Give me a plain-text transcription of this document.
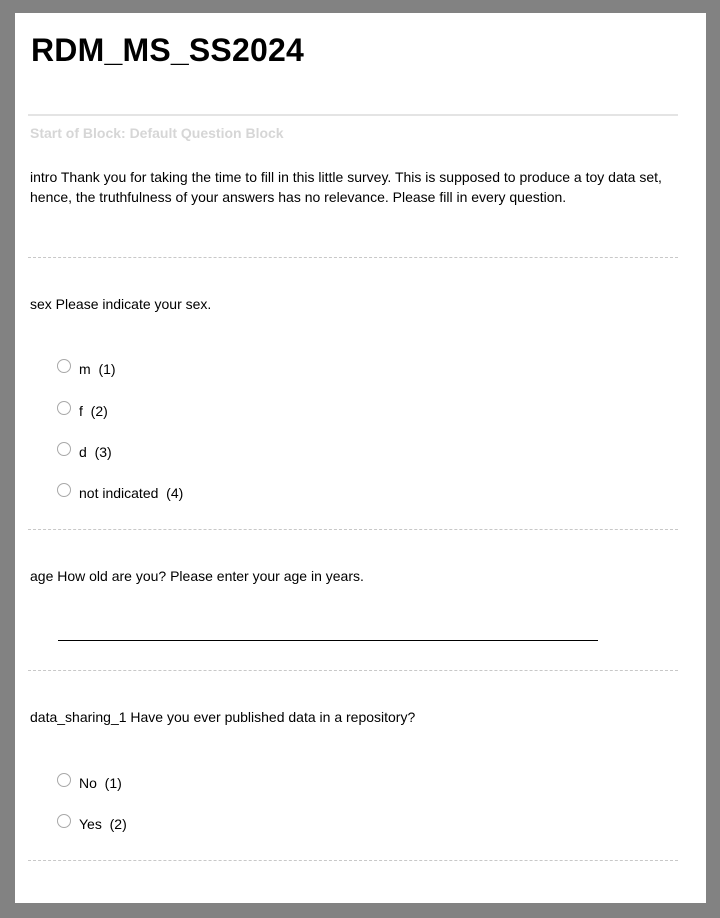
RDM_MS_SS2024
Start of Block: Default Question Block

intro Thank you for taking the time to fill in this little survey. This is supposed to produce a toy data set, hence, the truthfulness of your answers has no relevance. Please fill in every question.

sex Please indicate your sex.

m  (1)
f  (2)
d  (3)
not indicated  (4)

age How old are you? Please enter your age in years.

data_sharing_1 Have you ever published data in a repository?

No  (1)
Yes  (2)
